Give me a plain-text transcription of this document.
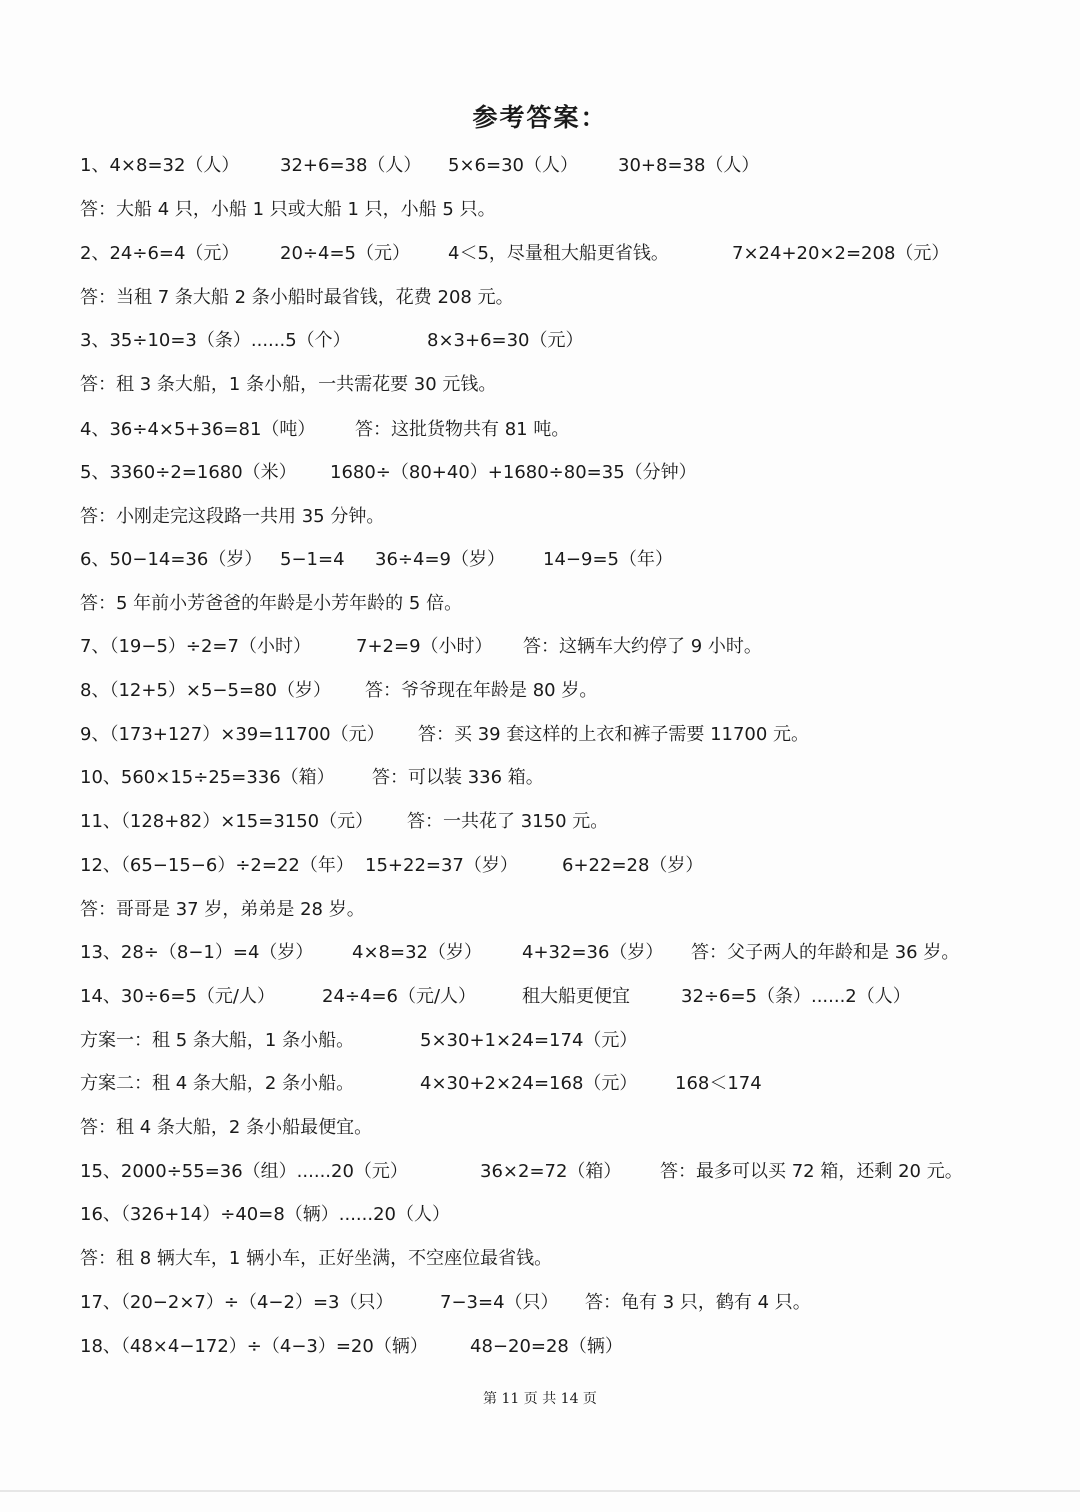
参考答案：
1、4×8=32（人） 32+6=38（人） 5×6=30（人） 30+8=38（人）
答：大船 4 只，小船 1 只或大船 1 只，小船 5 只。
2、24÷6=4（元） 20÷4=5（元） 4＜5，尽量租大船更省钱。	7×24+20×2=208（元）
答：当租 7 条大船 2 条小船时最省钱，花费 208 元。
3、35÷10=3（条）......5（个）	8×3+6=30（元）
答：租 3 条大船，1 条小船，一共需花要 30 元钱。
4、36÷4×5+36=81（吨） 答：这批货物共有 81 吨。
5、3360÷2=1680（米） 1680÷（80+40）+1680÷80=35（分钟）
答：小刚走完这段路一共用 35 分钟。
6、50−14=36（岁） 5−1=4 36÷4=9（岁） 14−9=5（年）
答：5 年前小芳爸爸的年龄是小芳年龄的 5 倍。
7、（19−5）÷2=7（小时）	7+2=9（小时） 答：这辆车大约停了 9 小时。
8、（12+5）×5−5=80（岁） 答：爷爷现在年龄是 80 岁。
9、（173+127）×39=11700（元） 答：买 39 套这样的上衣和裤子需要 11700 元。
10、560×15÷25=336（箱） 答：可以装 336 箱。
11、（128+82）×15=3150（元） 答：一共花了 3150 元。
12、（65−15−6）÷2=22（年） 15+22=37（岁） 6+22=28（岁）
答：哥哥是 37 岁，弟弟是 28 岁。
13、28÷（8−1）=4（岁） 4×8=32（岁） 4+32=36（岁） 答：父子两人的年龄和是 36 岁。
14、30÷6=5（元/人）	24÷4=6（元/人）	租大船更便宜	32÷6=5（条）......2（人）
方案一：租 5 条大船，1 条小船。	5×30+1×24=174（元）
方案二：租 4 条大船，2 条小船。	4×30+2×24=168（元） 168＜174
答：租 4 条大船，2 条小船最便宜。
15、2000÷55=36（组）......20（元）	36×2=72（箱） 答：最多可以买 72 箱，还剩 20 元。
16、（326+14）÷40=8（辆）......20（人）
答：租 8 辆大车，1 辆小车，正好坐满，不空座位最省钱。
17、（20−2×7）÷（4−2）=3（只）	7−3=4（只） 答：龟有 3 只，鹤有 4 只。
18、（48×4−172）÷（4−3）=20（辆） 48−20=28（辆）
第 11 页 共 14 页
